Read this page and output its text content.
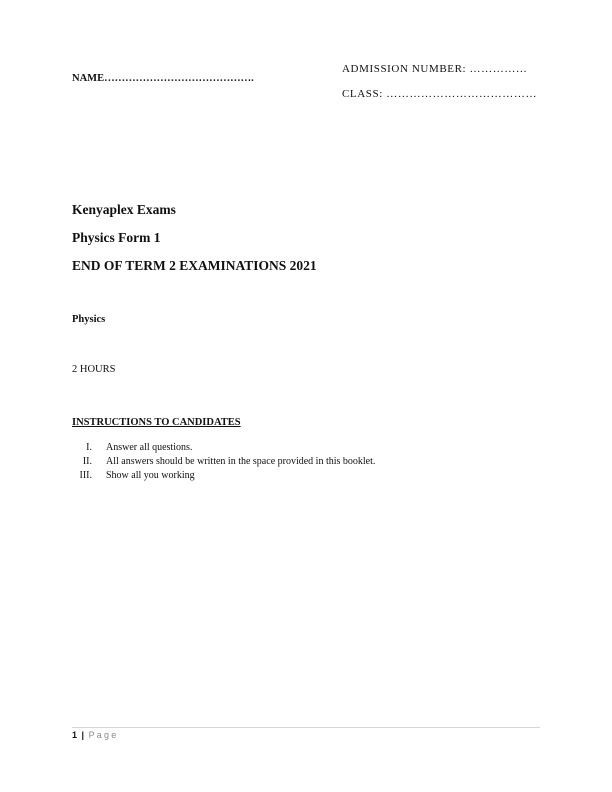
NAME…………………………………….
ADMISSION NUMBER: ……………
CLASS: …………………………………
Kenyaplex Exams
Physics Form 1
END OF TERM 2 EXAMINATIONS 2021
Physics
2 HOURS
INSTRUCTIONS TO CANDIDATES
I. Answer all questions.
II. All answers should be written in the space provided in this booklet.
III. Show all you working
1 | Page
